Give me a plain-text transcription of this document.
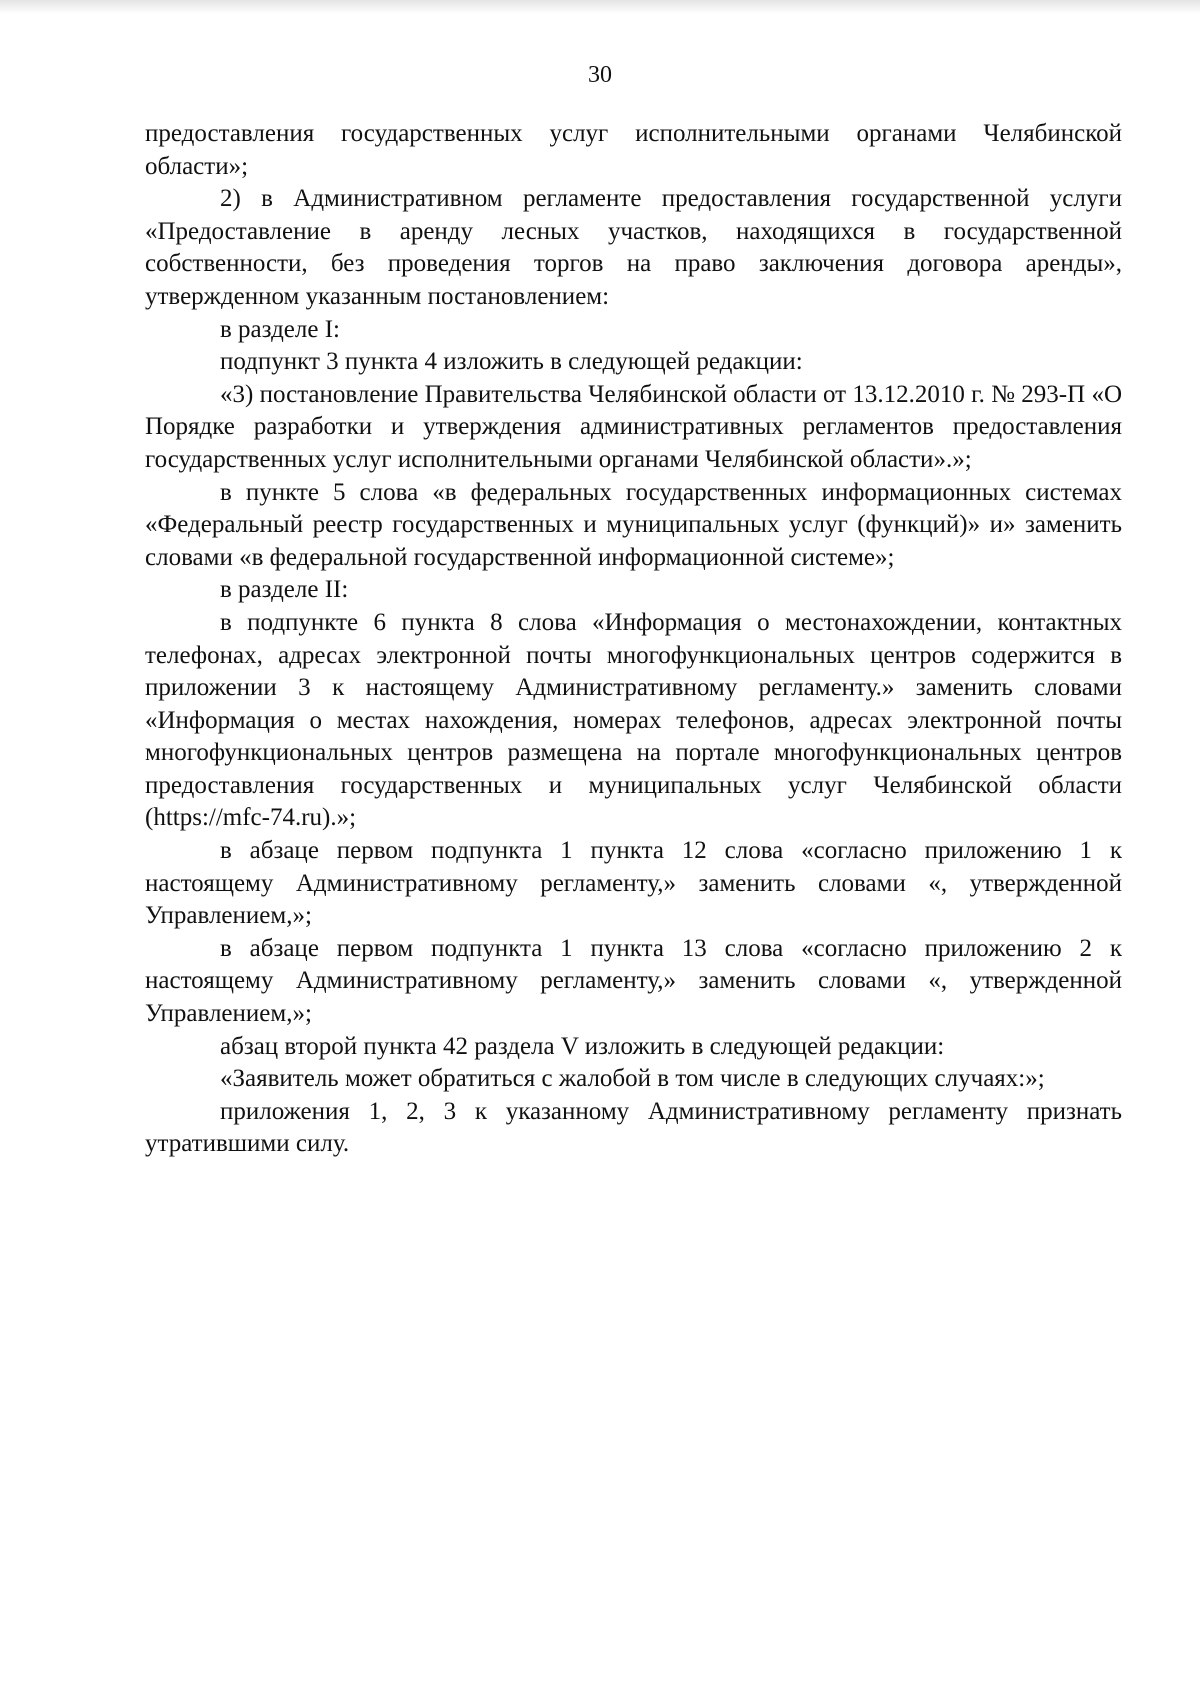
30

предоставления государственных услуг исполнительными органами Челябинской области»;

2) в Административном регламенте предоставления государственной услуги «Предоставление в аренду лесных участков, находящихся в государственной собственности, без проведения торгов на право заключения договора аренды», утвержденном указанным постановлением:

в разделе I:

подпункт 3 пункта 4 изложить в следующей редакции:

«3) постановление Правительства Челябинской области от 13.12.2010 г. № 293-П «О Порядке разработки и утверждения административных регламентов предоставления государственных услуг исполнительными органами Челябинской области».»;

в пункте 5 слова «в федеральных государственных информационных системах «Федеральный реестр государственных и муниципальных услуг (функций)» и» заменить словами «в федеральной государственной информационной системе»;

в разделе II:

в подпункте 6 пункта 8 слова «Информация о местонахождении, контактных телефонах, адресах электронной почты многофункциональных центров содержится в приложении 3 к настоящему Административному регламенту.» заменить словами «Информация о местах нахождения, номерах телефонов, адресах электронной почты многофункциональных центров размещена на портале многофункциональных центров предоставления государственных и муниципальных услуг Челябинской области (https://mfc-74.ru).»;

в абзаце первом подпункта 1 пункта 12 слова «согласно приложению 1 к настоящему Административному регламенту,» заменить словами «, утвержденной Управлением,»;

в абзаце первом подпункта 1 пункта 13 слова «согласно приложению 2 к настоящему Административному регламенту,» заменить словами «, утвержденной Управлением,»;

абзац второй пункта 42 раздела V изложить в следующей редакции:

«Заявитель может обратиться с жалобой в том числе в следующих случаях:»;

приложения 1, 2, 3 к указанному Административному регламенту признать утратившими силу.
